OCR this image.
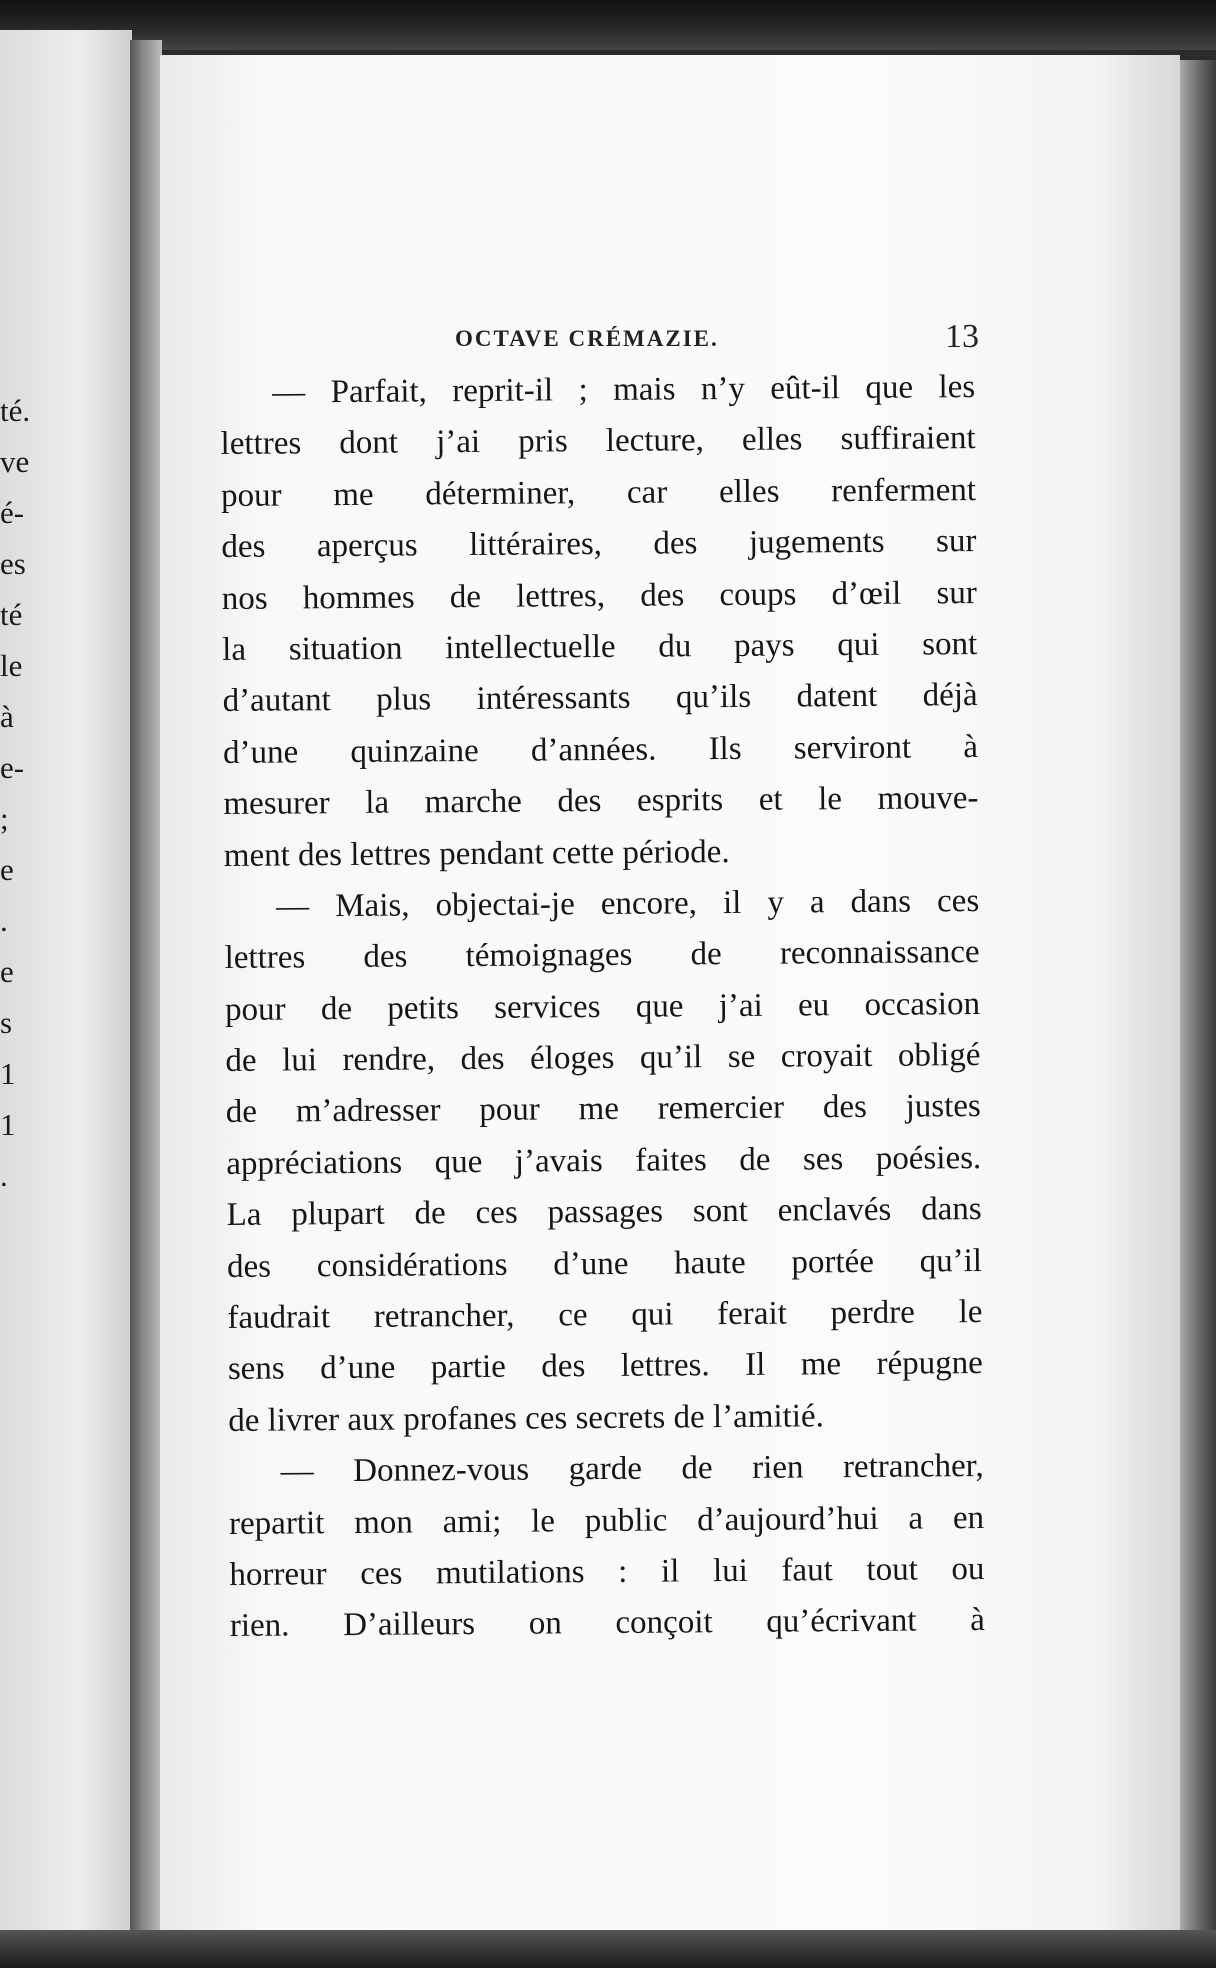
té.
ve
é-
es
té
le
à
e-
;
e
.
e
s
1
1
.
OCTAVE CRÉMAZIE.	13
— Parfait, reprit-il ; mais n’y eût-il que les
lettres dont j’ai pris lecture, elles suffiraient
pour me déterminer, car elles renferment
des aperçus littéraires, des jugements sur
nos hommes de lettres, des coups d’œil sur
la situation intellectuelle du pays qui sont
d’autant plus intéressants qu’ils datent déjà
d’une quinzaine d’années. Ils serviront à
mesurer la marche des esprits et le mouve-
ment des lettres pendant cette période.
— Mais, objectai-je encore, il y a dans ces
lettres des témoignages de reconnaissance
pour de petits services que j’ai eu occasion
de lui rendre, des éloges qu’il se croyait obligé
de m’adresser pour me remercier des justes
appréciations que j’avais faites de ses poésies.
La plupart de ces passages sont enclavés dans
des considérations d’une haute portée qu’il
faudrait retrancher, ce qui ferait perdre le
sens d’une partie des lettres. Il me répugne
de livrer aux profanes ces secrets de l’amitié.
— Donnez-vous garde de rien retrancher,
repartit mon ami; le public d’aujourd’hui a en
horreur ces mutilations : il lui faut tout ou
rien. D’ailleurs on conçoit qu’écrivant à
